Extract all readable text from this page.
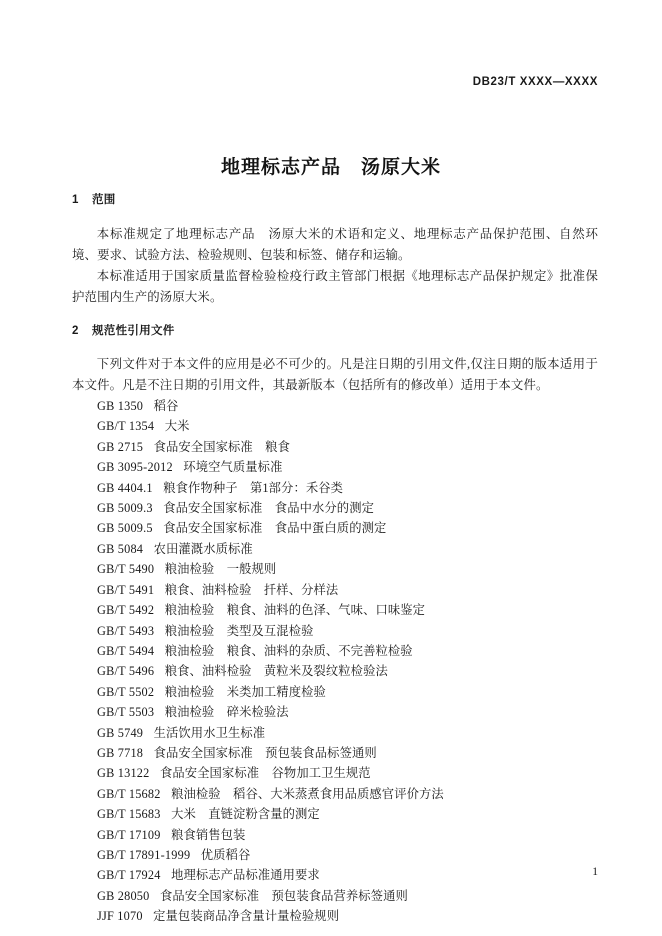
DB23/T XXXX—XXXX
地理标志产品　汤原大米
1 范围

本标准规定了地理标志产品　汤原大米的术语和定义、地理标志产品保护范围、自然环境、要求、试验方法、检验规则、包装和标签、储存和运输。

本标准适用于国家质量监督检验检疫行政主管部门根据《地理标志产品保护规定》批准保护范围内生产的汤原大米。

2 规范性引用文件

下列文件对于本文件的应用是必不可少的。凡是注日期的引用文件,仅注日期的版本适用于本文件。凡是不注日期的引用文件，其最新版本（包括所有的修改单）适用于本文件。

GB 1350 稻谷
GB/T 1354 大米
GB 2715 食品安全国家标准　粮食
GB 3095-2012 环境空气质量标准
GB 4404.1 粮食作物种子　第1部分：禾谷类
GB 5009.3 食品安全国家标准　食品中水分的测定
GB 5009.5 食品安全国家标准　食品中蛋白质的测定
GB 5084 农田灌溉水质标准
GB/T 5490 粮油检验　一般规则
GB/T 5491 粮食、油料检验　扦样、分样法
GB/T 5492 粮油检验　粮食、油料的色泽、气味、口味鉴定
GB/T 5493 粮油检验　类型及互混检验
GB/T 5494 粮油检验　粮食、油料的杂质、不完善粒检验
GB/T 5496 粮食、油料检验　黄粒米及裂纹粒检验法
GB/T 5502 粮油检验　米类加工精度检验
GB/T 5503 粮油检验　碎米检验法
GB 5749 生活饮用水卫生标准
GB 7718 食品安全国家标准　预包装食品标签通则
GB 13122 食品安全国家标准　谷物加工卫生规范
GB/T 15682 粮油检验　稻谷、大米蒸煮食用品质感官评价方法
GB/T 15683 大米　直链淀粉含量的测定
GB/T 17109 粮食销售包装
GB/T 17891-1999 优质稻谷
GB/T 17924 地理标志产品标准通用要求
GB 28050 食品安全国家标准　预包装食品营养标签通则
JJF 1070 定量包装商品净含量计量检验规则
1
